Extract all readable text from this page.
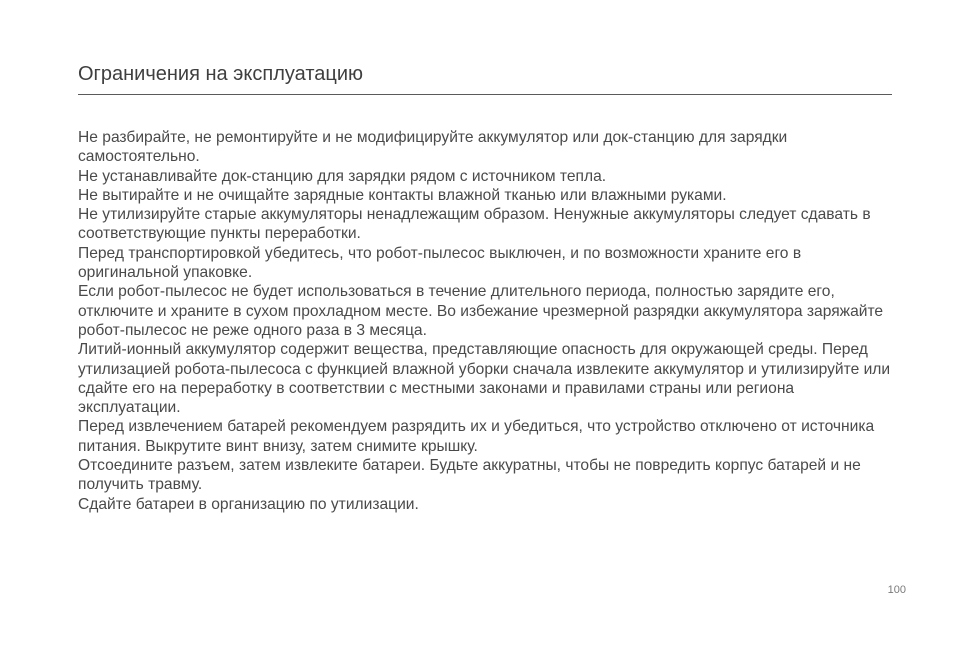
Ограничения на эксплуатацию

Не разбирайте, не ремонтируйте и не модифицируйте аккумулятор или док-станцию для зарядки самостоятельно.

Не устанавливайте док-станцию для зарядки рядом с источником тепла.

Не вытирайте и не очищайте зарядные контакты влажной тканью или влажными руками.

Не утилизируйте старые аккумуляторы ненадлежащим образом. Ненужные аккумуляторы следует сдавать в соответствующие пункты переработки.

Перед транспортировкой убедитесь, что робот-пылесос выключен, и по возможности храните его в оригинальной упаковке.

Если робот-пылесос не будет использоваться в течение длительного периода, полностью зарядите его, отключите и храните в сухом прохладном месте. Во избежание чрезмерной разрядки аккумулятора заряжайте робот-пылесос не реже одного раза в 3 месяца.

Литий-ионный аккумулятор содержит вещества, представляющие опасность для окружающей среды. Перед утилизацией робота-пылесоса с функцией влажной уборки сначала извлеките аккумулятор и утилизируйте или сдайте его на переработку в соответствии с местными законами и правилами страны или региона эксплуатации.

Перед извлечением батарей рекомендуем разрядить их и убедиться, что устройство отключено от источника питания. Выкрутите винт внизу, затем снимите крышку.

Отсоедините разъем, затем извлеките батареи. Будьте аккуратны, чтобы не повредить корпус батарей и не получить травму.

Сдайте батареи в организацию по утилизации.

100
